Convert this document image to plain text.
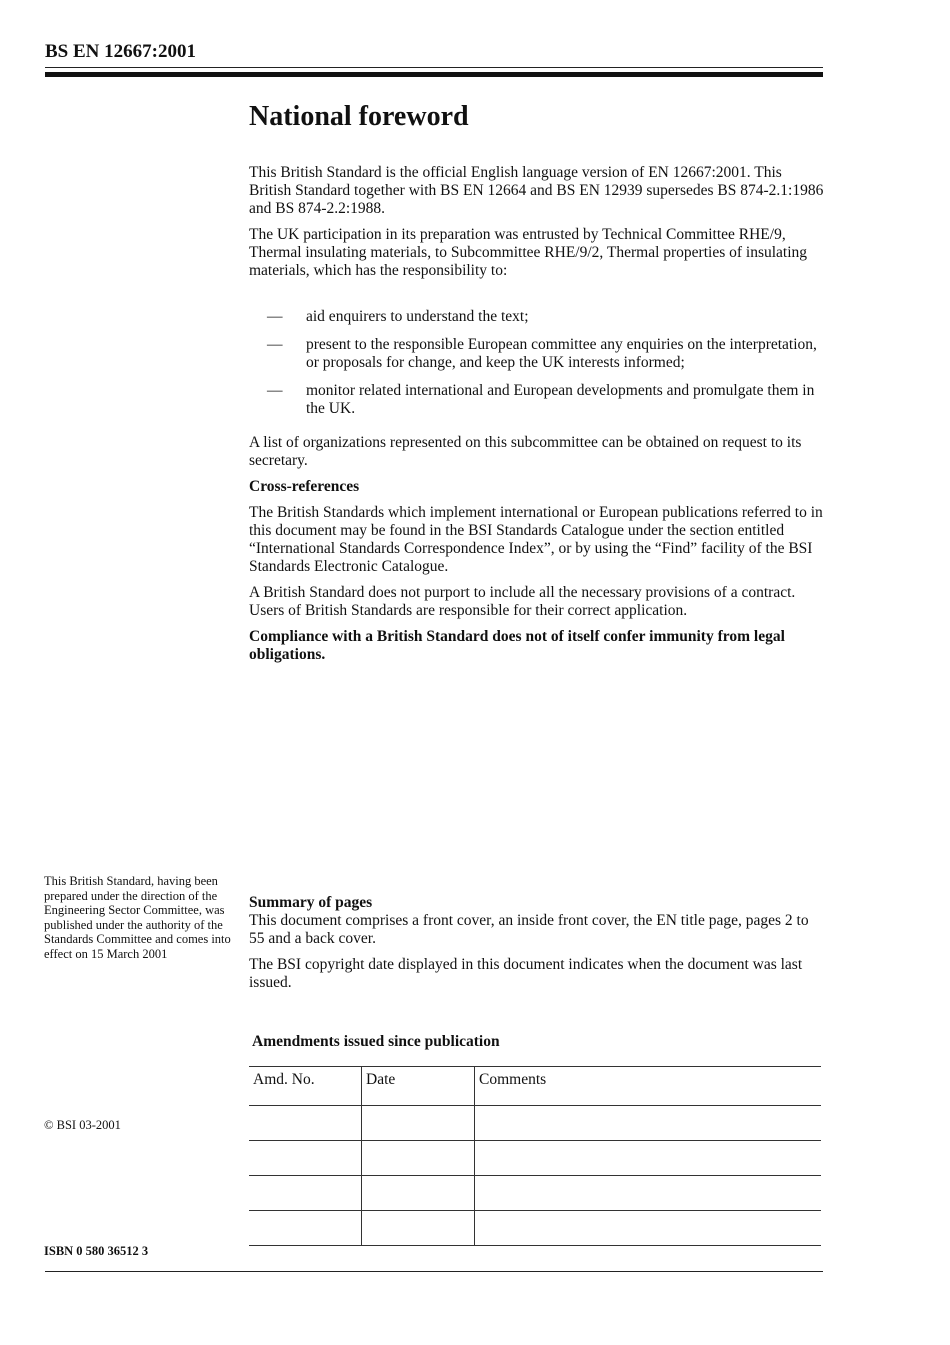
BS EN 12667:2001
National foreword

This British Standard is the official English language version of EN 12667:2001. This British Standard together with BS EN 12664 and BS EN 12939 supersedes BS 874-2.1:1986 and BS 874-2.2:1988.

The UK participation in its preparation was entrusted by Technical Committee RHE/9, Thermal insulating materials, to Subcommittee RHE/9/2, Thermal properties of insulating materials, which has the responsibility to:

— aid enquirers to understand the text;
— present to the responsible European committee any enquiries on the interpretation, or proposals for change, and keep the UK interests informed;
— monitor related international and European developments and promulgate them in the UK.

A list of organizations represented on this subcommittee can be obtained on request to its secretary.

Cross-references

The British Standards which implement international or European publications referred to in this document may be found in the BSI Standards Catalogue under the section entitled “International Standards Correspondence Index”, or by using the “Find” facility of the BSI Standards Electronic Catalogue.

A British Standard does not purport to include all the necessary provisions of a contract. Users of British Standards are responsible for their correct application.

Compliance with a British Standard does not of itself confer immunity from legal obligations.

This British Standard, having been prepared under the direction of the Engineering Sector Committee, was published under the authority of the Standards Committee and comes into effect on 15 March 2001
© BSI 03-2001
ISBN 0 580 36512 3
Summary of pages

This document comprises a front cover, an inside front cover, the EN title page, pages 2 to 55 and a back cover.

The BSI copyright date displayed in this document indicates when the document was last issued.

Amendments issued since publication
Amd. No.	Date	Comments
